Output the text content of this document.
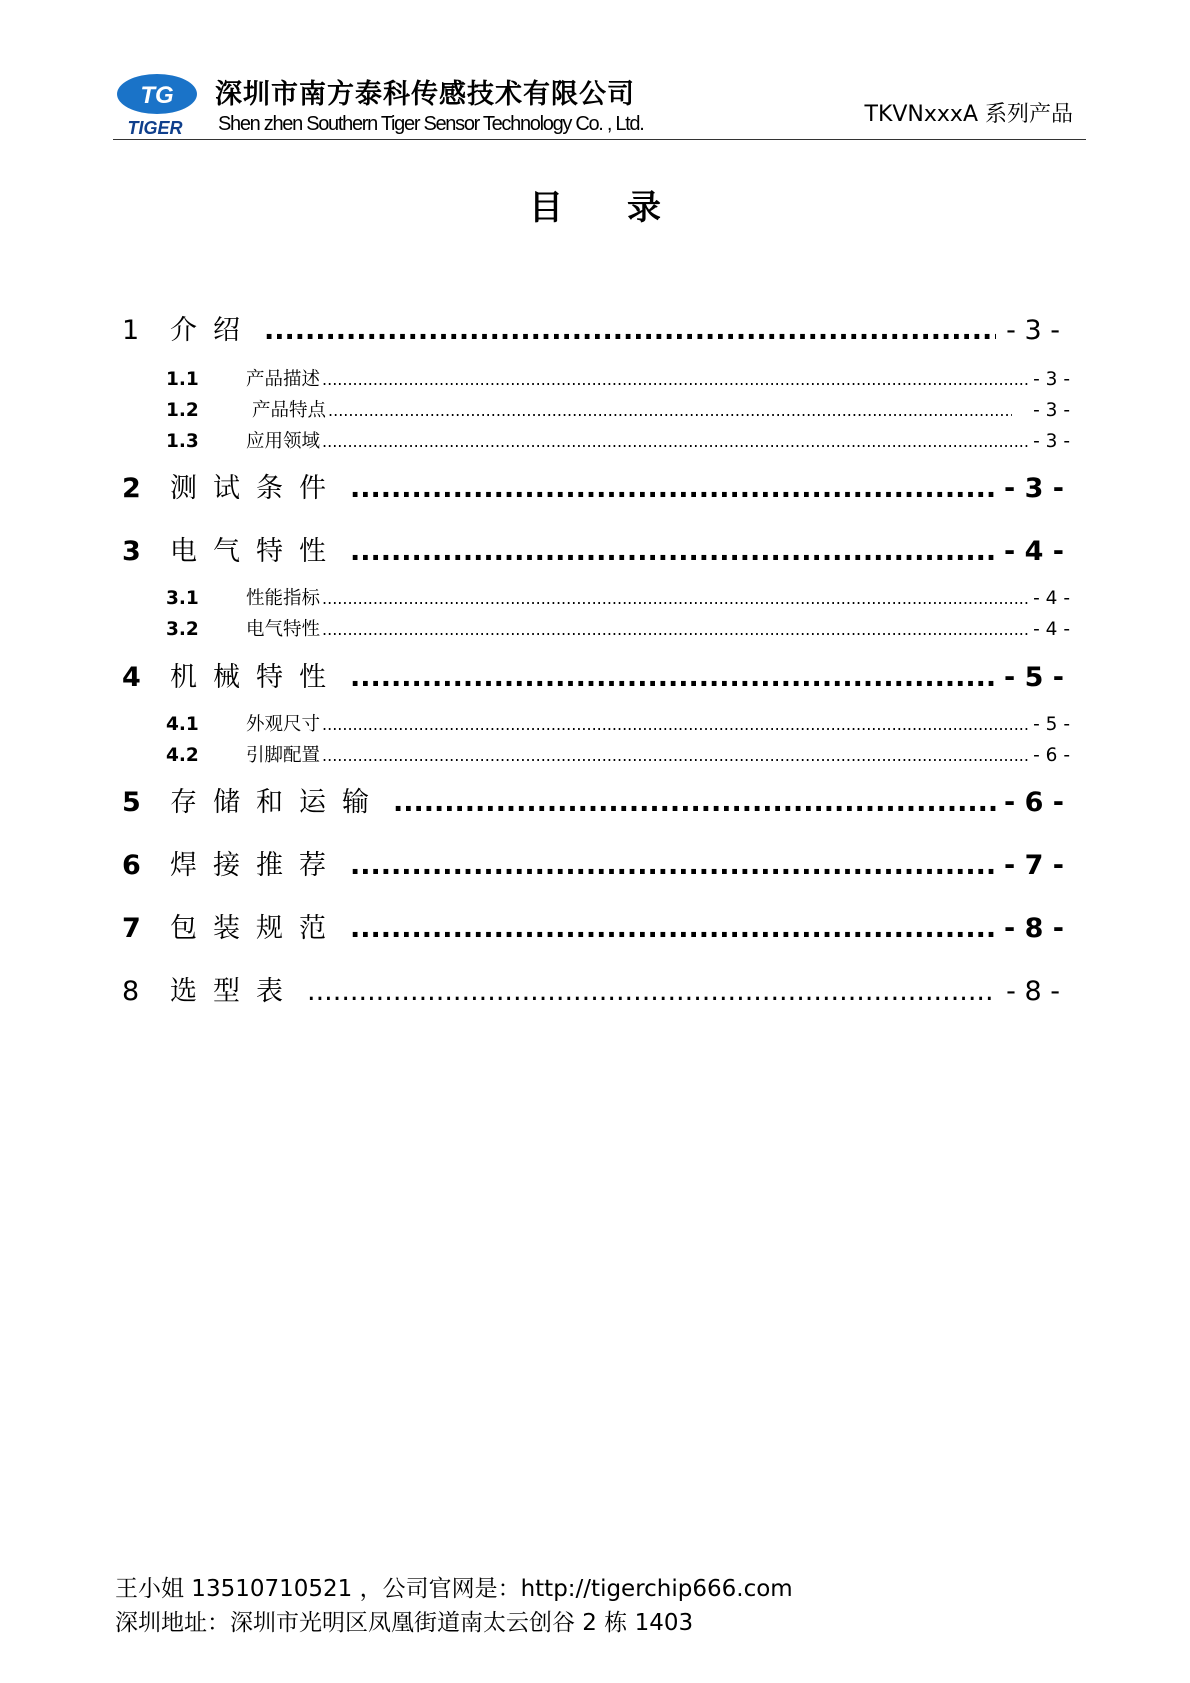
TG
TIGER
深圳市南方泰科传感技术有限公司
Shen zhen Southern Tiger Sensor Technology Co. , Ltd.	TKVNxxxA 系列产品
目录
1	介绍 .....	- 3 -
1.1	产品描述 .....	- 3 -
1.2	产品特点 .....	- 3 -
1.3	应用领域 .....	- 3 -
2	测试条件 .....	- 3 -
3	电气特性 .....	- 4 -
3.1	性能指标 .....	- 4 -
3.2	电气特性 .....	- 4 -
4	机械特性 .....	- 5 -
4.1	外观尺寸 .....	- 5 -
4.2	引脚配置 .....	- 6 -
5	存储和运输 .....	- 6 -
6	焊接推荐 .....	- 7 -
7	包装规范 .....	- 8 -
8	选型表 .....	- 8 -
王小姐 13510710521 ，公司官网是：http://tigerchip666.com
深圳地址：深圳市光明区凤凰街道南太云创谷 2 栋 1403
